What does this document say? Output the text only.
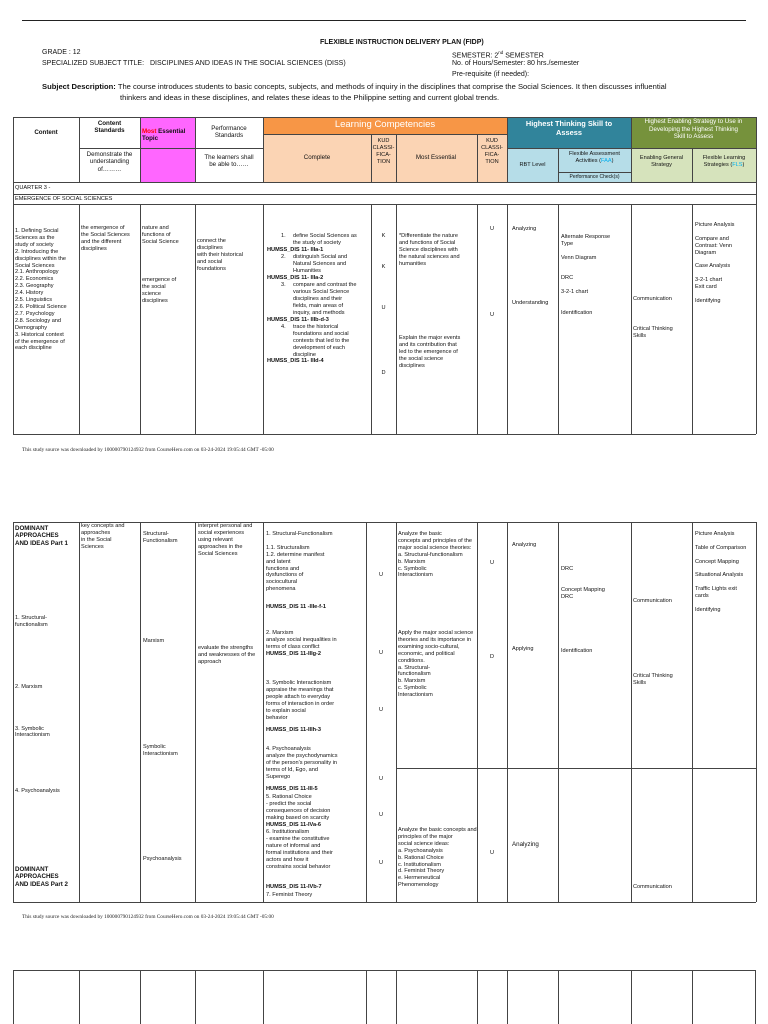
FLEXIBLE INSTRUCTION DELIVERY PLAN (FIDP)
GRADE : 12
SPECIALIZED SUBJECT TITLE: DISCIPLINES AND IDEAS IN THE SOCIAL SCIENCES (DISS)
SEMESTER: 2nd SEMESTER
No. of Hours/Semester: 80 hrs./semester
Pre-requisite (if needed):
Subject Description: The course introduces students to basic concepts, subjects, and methods of inquiry in the disciplines that comprise the Social Sciences. It then discusses influential
thinkers and ideas in these disciplines, and relates these ideas to the Philippine setting and current global trends.
Content
Content
Standards
Demonstrate the
understanding
of………
Most Essential
Topic
Performance
Standards
The learners shall
be able to……
Learning Competencies
Complete
KUD
CLASSI-
FICA-
TION
Most Essential
KUD
CLASSI-
FICA-
TION
Highest Thinking Skill to
Assess
RBT Level
Flexible Assessment
Activities (FAA)
Performance Check(s)
Highest Enabling Strategy to Use in
Developing the Highest Thinking
Skill to Assess
Enabling General
Strategy
Flexible Learning
Strategies (FLS)
QUARTER 3 -
EMERGENCE OF SOCIAL SCIENCES
1. Defining Social
Sciences as the
study of society
2. Introducing the
disciplines within the
Social Sciences
2.1. Anthropology
2.2. Economics
2.3. Geography
2.4. History
2.5. Linguistics
2.6. Political Science
2.7. Psychology
2.8. Sociology and
Demography
3. Historical context
of the emergence of
each discipline
the emergence of
the Social Sciences
and the different
disciplines
nature and
functions of
Social Science
emergence of
the social
science
disciplines
connect the
disciplines
with their historical
and social
foundations
1. define Social Sciences as
the study of society
HUMSS_DIS 11- IIIa-1
2. distinguish Social and
Natural Sciences and
Humanities
HUMSS_DIS 11- IIIa-2
3. compare and contrast the
various Social Science
disciplines and their
fields, main areas of
inquiry, and methods
HUMSS_DIS 11- IIIb-d-3
4. trace the historical
foundations and social
contexts that led to the
development of each
discipline
HUMSS_DIS 11- IIId-4
K
K
U
D
*Differentiate the nature
and functions of Social
Science disciplines with
the natural sciences and
humanities
Explain the major events
and its contribution that
led to the emergence of
the social science
disciplines
U
U
Analyzing
Understanding
Alternate Response
Type

Venn Diagram

DRC

3-2-1 chart

Identification
Communication
Critical Thinking
Skills
Picture Analysis

Compare and
Contrast: Venn
Diagram

Case Analysis

3-2-1 chart
Exit card

Identifying
This study source was downloaded by 100000790124932 from CourseHero.com on 03-24-2024 19:05:44 GMT -05:00
DOMINANT
APPROACHES
AND IDEAS Part 1
1. Structural-
functionalism

2. Marxism

3. Symbolic
Interactionism

4. Psychoanalysis
DOMINANT
APPROACHES
AND IDEAS Part 2
key concepts and
approaches
in the Social
Sciences
Structural-
Functionalism
Marxism
Symbolic
Interactionism
Psychoanalysis
interpret personal and
social experiences
using relevant
approaches in the
Social Sciences
evaluate the strengths
and weaknesses of the
approach
1. Structural-Functionalism

1.1. Structuralism
1.2. determine manifest
and latent
functions and
dysfunctions of
sociocultural
phenomena
HUMSS_DIS 11 -IIIe-f-1
2. Marxism
analyze social inequalities in
terms of class conflict
HUMSS_DIS 11-IIIg-2
3. Symbolic Interactionism
appraise the meanings that
people attach to everyday
forms of interaction in order
to explain social
behavior
HUMSS_DIS 11-IIIh-3
4. Psychoanalysis
analyze the psychodynamics
of the person's personality in
terms of Id, Ego, and
Superego
HUMSS_DIS 11-III-5
5. Rational Choice
- predict the social
consequences of decision
making based on scarcity
HUMSS_DIS 11-IVa-6
6. Institutionalism
- examine the constitutive
nature of informal and
formal institutions and their
actors and how it
constrains social behavior
HUMSS_DIS 11-IVb-7
7. Feminist Theory
U
U
U
U
U
U
Analyze the basic
concepts and principles of the
major social science theories:
a. Structural-functionalism
b. Marxism
c. Symbolic
Interactionism
Apply the major social science
theories and its importance in
examining socio-cultural,
economic, and political
conditions.
a. Structural-
functionalism
b. Marxism
c. Symbolic
Interactionism
Analyze the basic concepts and
principles of the major
social science ideas:
a. Psychoanalysis
b. Rational Choice
c. Institutionalism
d. Feminist Theory
e. Hermeneutical
Phenomenology
U
D
U
Analyzing
Applying
Analyzing
DRC

Concept Mapping
DRC
Identification
Communication
Critical Thinking
Skills
Communication
Picture Analysis

Table of Comparison

Concept Mapping

Situational Analysis

Traffic Lights exit
cards

Identifying
This study source was downloaded by 100000790124932 from CourseHero.com on 03-24-2024 19:05:44 GMT -05:00
